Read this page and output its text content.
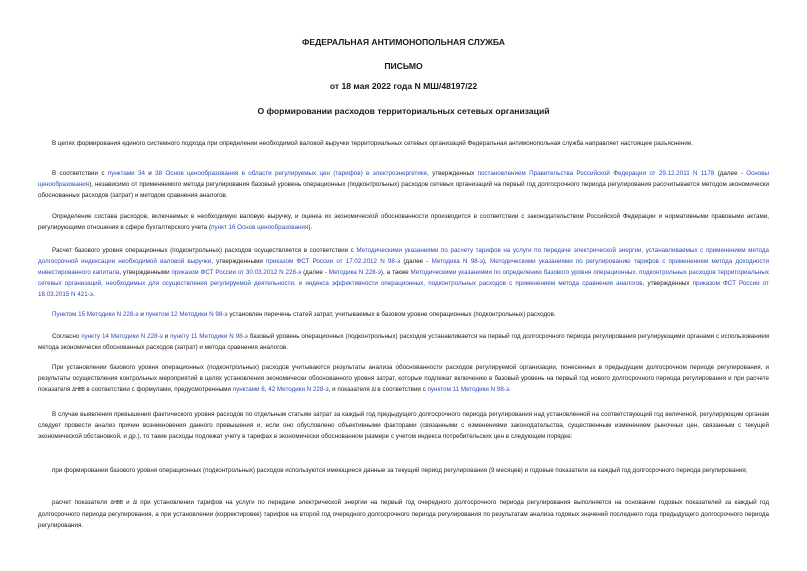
ФЕДЕРАЛЬНАЯ АНТИМОНОПОЛЬНАЯ СЛУЖБА
ПИСЬМО
от 18 мая 2022 года N МШ/48197/22
О формировании расходов территориальных сетевых организаций

В целях формирования единого системного подхода при определении необходимой валовой выручки территориальных сетевых организаций Федеральная антимонопольная служба направляет настоящее разъяснение.

В соответствии с пунктами 34 и 38 Основ ценообразования в области регулируемых цен (тарифов) в электроэнергетике, утвержденных постановлением Правительства Российской Федерации от 29.12.2011 N 1178 (далее - Основы ценообразования), независимо от применяемого метода регулирования базовый уровень операционных (подконтрольных) расходов сетевых организаций на первый год долгосрочного периода регулирования рассчитывается методом экономически обоснованных расходов (затрат) и методом сравнения аналогов.

Определение состава расходов, включаемых в необходимую валовую выручку, и оценка их экономической обоснованности производится в соответствии с законодательством Российской Федерации и нормативными правовыми актами, регулирующими отношения в сфере бухгалтерского учета (пункт 16 Основ ценообразования).

Расчет базового уровня операционных (подконтрольных) расходов осуществляется в соответствии с Методическими указаниями по расчету тарифов на услуги по передаче электрической энергии, устанавливаемых с применением метода долгосрочной индексации необходимой валовой выручки, утвержденными приказом ФСТ России от 17.02.2012 N 98-э (далее - Методика N 98-э), Методическими указаниями по регулированию тарифов с применением метода доходности инвестированного капитала, утвержденными приказом ФСТ России от 30.03.2012 N 228-э (далее - Методика N 228-э), а также Методическими указаниями по определению базового уровня операционных, подконтрольных расходов территориальных сетевых организаций, необходимых для осуществления регулируемой деятельности, и индекса эффективности операционных, подконтрольных расходов с применением метода сравнения аналогов, утвержденных приказом ФСТ России от 18.03.2015 N 421-э.

Пунктом 15 Методики N 228-э и пунктом 12 Методики N 98-э установлен перечень статей затрат, учитываемых в базовом уровне операционных (подконтрольных) расходов.

Согласно пункту 14 Методики N 228-э и пункту 11 Методики N 98-э базовый уровень операционных (подконтрольных) расходов устанавливается на первый год долгосрочного периода регулирования регулирующими органами с использованием метода экономически обоснованных расходов (затрат) и метода сравнения аналогов.

При установлении базового уровня операционных (подконтрольных) расходов учитываются результаты анализа обоснованности расходов регулируемой организации, понесенных в предыдущем долгосрочном периоде регулирования, и результаты осуществления контрольных мероприятий в целях установления экономически обоснованного уровня затрат, которые подлежат включению в базовый уровень на первый год нового долгосрочного периода регулирования и при расчете показателя ΔНВВ в соответствии с формулами, предусмотренными пунктами 8, 42 Методики N 228-э, и показателя ΔI в соответствии с пунктом 11 Методики N 98-э.

В случае выявления превышения фактического уровня расходов по отдельным статьям затрат за каждый год предыдущего долгосрочного периода регулирования над установленной на соответствующий год величиной, регулирующим органам следует провести анализ причин возникновения данного превышения и, если оно обусловлено объективными факторами (связанными с изменениями законодательства, существенным изменением рыночных цен, связанным с текущей экономической обстановкой, и др.), то такие расходы подлежат учету в тарифах в экономически обоснованном размере с учетом индекса потребительских цен в следующем порядке:

при формировании базового уровня операционных (подконтрольных) расходов используются имеющиеся данные за текущий период регулирования (9 месяцев) и годовые показатели за каждый год долгосрочного периода регулирования;

расчет показателя ΔНВВ и ΔI при установлении тарифов на услуги по передаче электрической энергии на первый год очередного долгосрочного периода регулирования выполняется на основании годовых показателей за каждый год долгосрочного периода регулирования, а при установлении (корректировке) тарифов на второй год очередного долгосрочного периода регулирования по результатам анализа годовых значений последнего года предыдущего долгосрочного периода регулирования.
